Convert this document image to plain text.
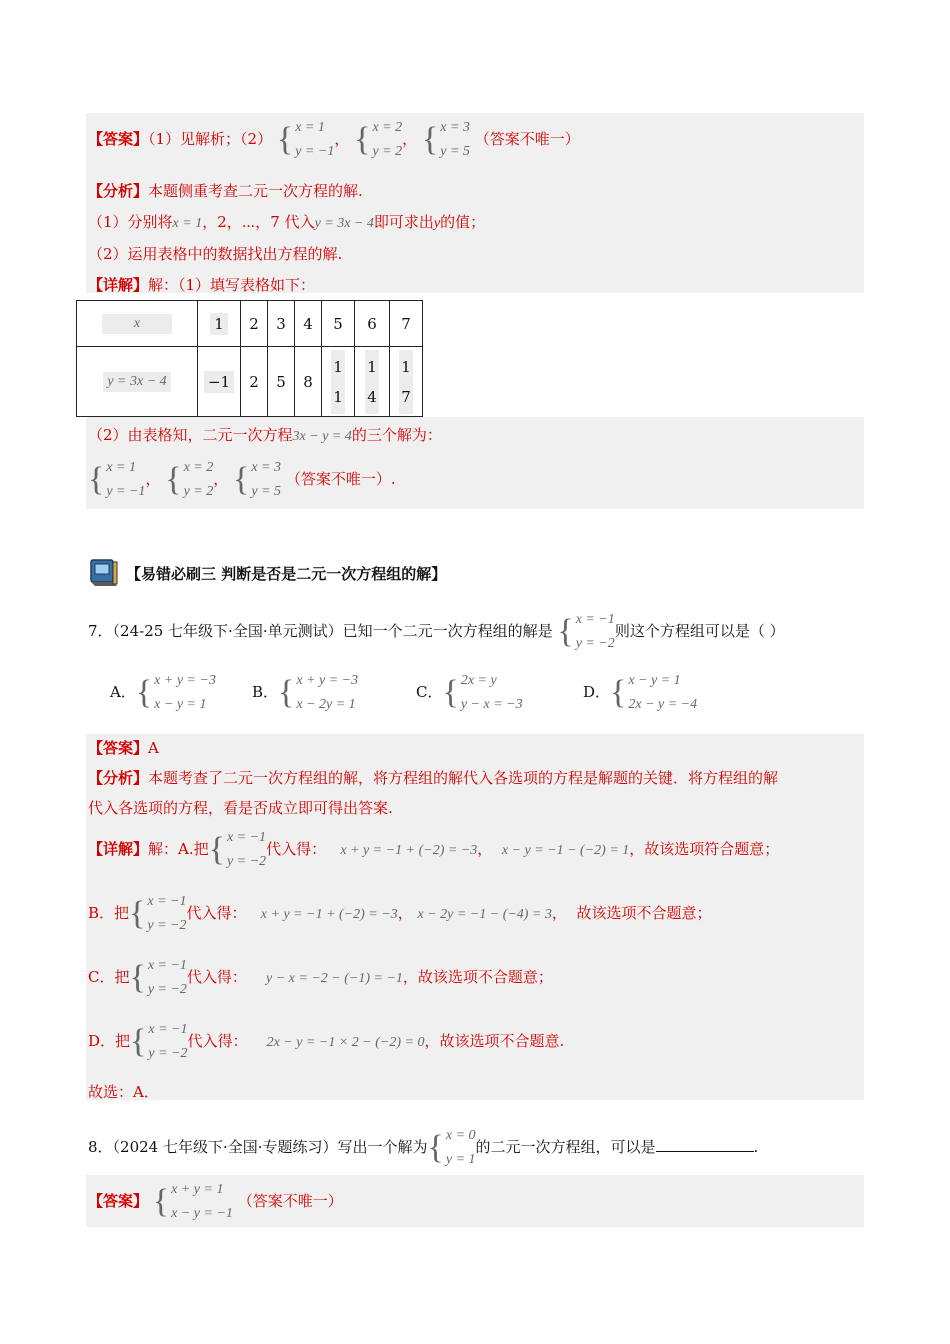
【答案】（1）见解析；（2） { x = 1
y = −1
， { x = 2
y = 2
， { x = 3
y = 5
（答案不唯一）
【分析】本题侧重考查二元一次方程的解.
（1）分别将x = 1，2，⋯，7 代入y = 3x − 4即可求出y的值；
（2）运用表格中的数据找出方程的解.
【详解】解：（1）填写表格如下：
x	1	2	3	4	5	6	7
y = 3x − 4	−1	2	5	8	1 1	1 4	1 7
（2）由表格知，二元一次方程3x − y = 4的三个解为：
{ x = 1
y = −1
， { x = 2
y = 2
， { x = 3
y = 5
（答案不唯一）.
【易错必刷三 判断是否是二元一次方程组的解】
7．（24-25 七年级下·全国·单元测试）已知一个二元一次方程组的解是 { x = −1
y = −2
则这个方程组可以是（ ）
A． { x + y = −3
x − y = 1
B． { x + y = −3
x − 2y = 1
C． { 2x = y
y − x = −3
D． { x − y = 1
2x − y = −4
【答案】A
【分析】本题考查了二元一次方程组的解，将方程组的解代入各选项的方程是解题的关键．将方程组的解
代入各选项的方程，看是否成立即可得出答案.
【详解】解：A.把 { x = −1
y = −2
代入得： x + y = −1 + (−2) = −3， x − y = −1 − (−2) = 1，故该选项符合题意；
B．把 { x = −1
y = −2
代入得： x + y = −1 + (−2) = −3， x − 2y = −1 − (−4) = 3， 故该选项不合题意；
C．把 { x = −1
y = −2
代入得： y − x = −2 − (−1) = −1，故该选项不合题意；
D．把 { x = −1
y = −2
代入得： 2x − y = −1 × 2 − (−2) = 0，故该选项不合题意.
故选：A．
8．（2024 七年级下·全国·专题练习）写出一个解为 { x = 0
y = 1
的二元一次方程组，可以是	.
【答案】 { x + y = 1
x − y = −1
（答案不唯一）
